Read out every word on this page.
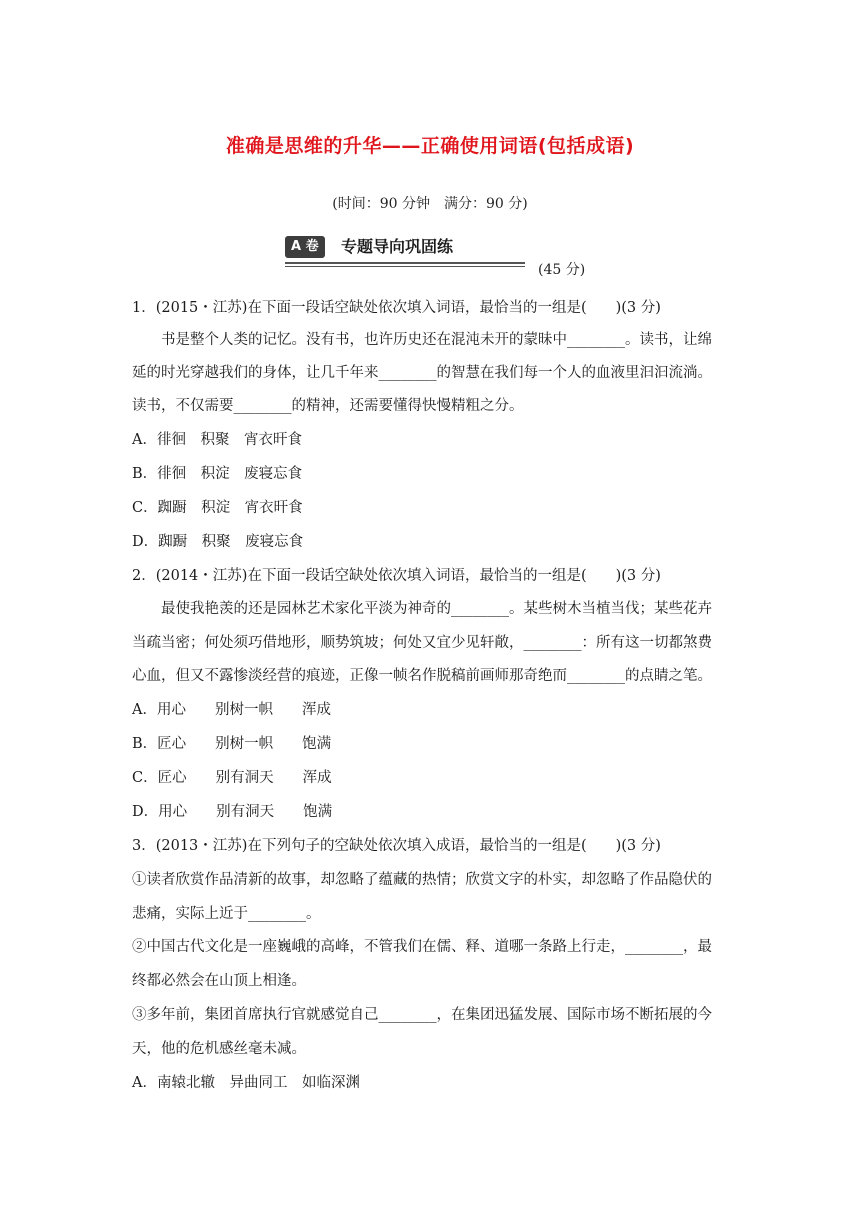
准确是思维的升华——正确使用词语(包括成语)
(时间：90 分钟　满分：90 分)
A 卷	专题导向巩固练
(45 分)
1．(2015・江苏)在下面一段话空缺处依次填入词语，最恰当的一组是(　　)(3 分)
书是整个人类的记忆。没有书，也许历史还在混沌未开的蒙昧中________。读书，让绵
延的时光穿越我们的身体，让几千年来________的智慧在我们每一个人的血液里汩汩流淌。
读书，不仅需要________的精神，还需要懂得快慢精粗之分。
A．徘徊　积聚　宵衣旰食
B．徘徊　积淀　废寝忘食
C．踟蹰　积淀　宵衣旰食
D．踟蹰　积聚　废寝忘食
2．(2014・江苏)在下面一段话空缺处依次填入词语，最恰当的一组是(　　)(3 分)
最使我艳羡的还是园林艺术家化平淡为神奇的________。某些树木当植当伐；某些花卉
当疏当密；何处须巧借地形，顺势筑坡；何处又宜少见轩敞，________：所有这一切都煞费
心血，但又不露惨淡经营的痕迹，正像一帧名作脱稿前画师那奇绝而________的点睛之笔。
A．用心　　别树一帜　　浑成
B．匠心　　别树一帜　　饱满
C．匠心　　别有洞天　　浑成
D．用心　　别有洞天　　饱满
3．(2013・江苏)在下列句子的空缺处依次填入成语，最恰当的一组是(　　)(3 分)
①读者欣赏作品清新的故事，却忽略了蕴藏的热情；欣赏文字的朴实，却忽略了作品隐伏的
悲痛，实际上近于________。
②中国古代文化是一座巍峨的高峰，不管我们在儒、释、道哪一条路上行走，________，最
终都必然会在山顶上相逢。
③多年前，集团首席执行官就感觉自己________，在集团迅猛发展、国际市场不断拓展的今
天，他的危机感丝毫未减。
A．南辕北辙　异曲同工　如临深渊
